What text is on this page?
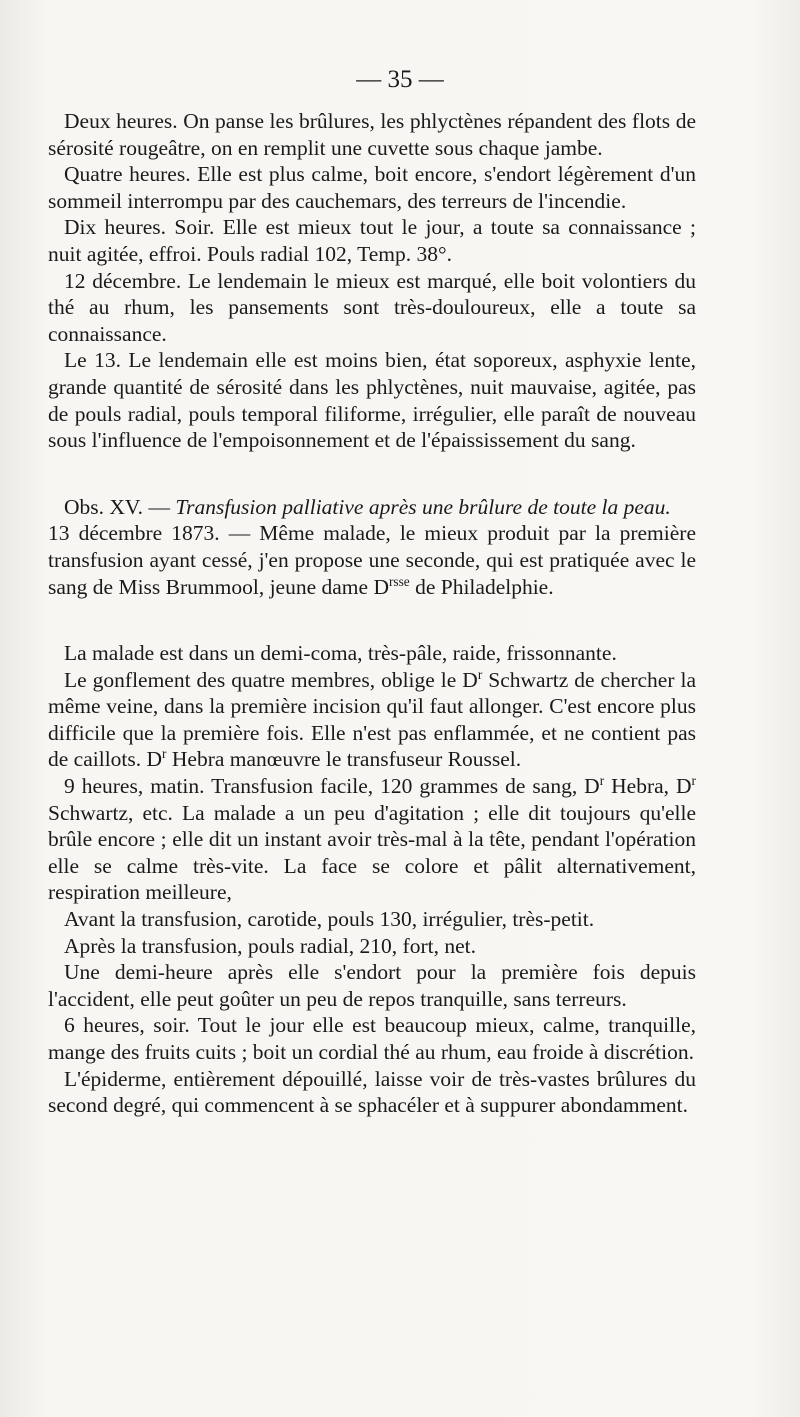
— 35 —

Deux heures. On panse les brûlures, les phlyctènes répandent des flots de sérosité rougeâtre, on en remplit une cuvette sous chaque jambe.

Quatre heures. Elle est plus calme, boit encore, s'endort légèrement d'un sommeil interrompu par des cauchemars, des terreurs de l'incendie.

Dix heures. Soir. Elle est mieux tout le jour, a toute sa connaissance ; nuit agitée, effroi. Pouls radial 102, Temp. 38°.

12 décembre. Le lendemain le mieux est marqué, elle boit volontiers du thé au rhum, les pansements sont très-douloureux, elle a toute sa connaissance.

Le 13. Le lendemain elle est moins bien, état soporeux, asphyxie lente, grande quantité de sérosité dans les phlyctènes, nuit mauvaise, agitée, pas de pouls radial, pouls temporal filiforme, irrégulier, elle paraît de nouveau sous l'influence de l'empoisonnement et de l'épaississement du sang.

Obs. XV. — Transfusion palliative après une brûlure de toute la peau.

13 décembre 1873. — Même malade, le mieux produit par la première transfusion ayant cessé, j'en propose une seconde, qui est pratiquée avec le sang de Miss Brummool, jeune dame $D^{rsse}$ de Philadelphie.

La malade est dans un demi-coma, très-pâle, raide, frissonnante.

Le gonflement des quatre membres, oblige le $D^r$ Schwartz de chercher la même veine, dans la première incision qu'il faut allonger. C'est encore plus difficile que la première fois. Elle n'est pas enflammée, et ne contient pas de caillots. $D^r$ Hebra manœuvre le transfuseur Roussel.

9 heures, matin. Transfusion facile, 120 grammes de sang, $D^r$ Hebra, $D^r$ Schwartz, etc. La malade a un peu d'agitation ; elle dit toujours qu'elle brûle encore ; elle dit un instant avoir très-mal à la tête, pendant l'opération elle se calme très-vite. La face se colore et pâlit alternativement, respiration meilleure,

Avant la transfusion, carotide, pouls 130, irrégulier, très-petit.

Après la transfusion, pouls radial, 210, fort, net.

Une demi-heure après elle s'endort pour la première fois depuis l'accident, elle peut goûter un peu de repos tranquille, sans terreurs.

6 heures, soir. Tout le jour elle est beaucoup mieux, calme, tranquille, mange des fruits cuits ; boit un cordial thé au rhum, eau froide à discrétion.

L'épiderme, entièrement dépouillé, laisse voir de très-vastes brûlures du second degré, qui commencent à se sphacéler et à suppurer abondamment.
